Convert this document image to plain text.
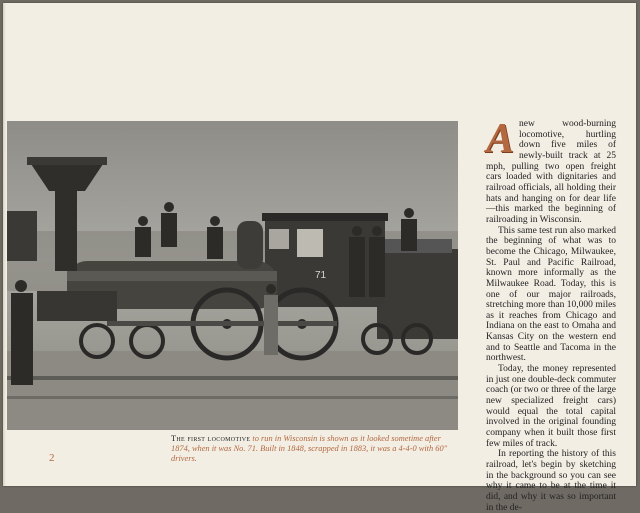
71
The first locomotive to run in Wisconsin is shown as it looked sometime after 1874, when it was No. 71. Built in 1848, scrapped in 1883, it was a 4-4-0 with 60" drivers.
2

Anew wood-burning locomotive, hurtling down five miles of newly-built track at 25 mph, pulling two open freight cars loaded with dignitaries and railroad officials, all holding their hats and hanging on for dear life—this marked the beginning of railroading in Wisconsin.

This same test run also marked the beginning of what was to become the Chicago, Milwaukee, St. Paul and Pacific Railroad, known more informally as the Milwaukee Road. Today, this is one of our major railroads, stretching more than 10,000 miles as it reaches from Chicago and Indiana on the east to Omaha and Kansas City on the western end and to Seattle and Tacoma in the northwest.

Today, the money represented in just one double-deck commuter coach (or two or three of the large new specialized freight cars) would equal the total capital involved in the original founding company when it built those first few miles of track.

In reporting the history of this railroad, let's begin by sketching in the background so you can see why it came to be at the time it did, and why it was so important in the de-
